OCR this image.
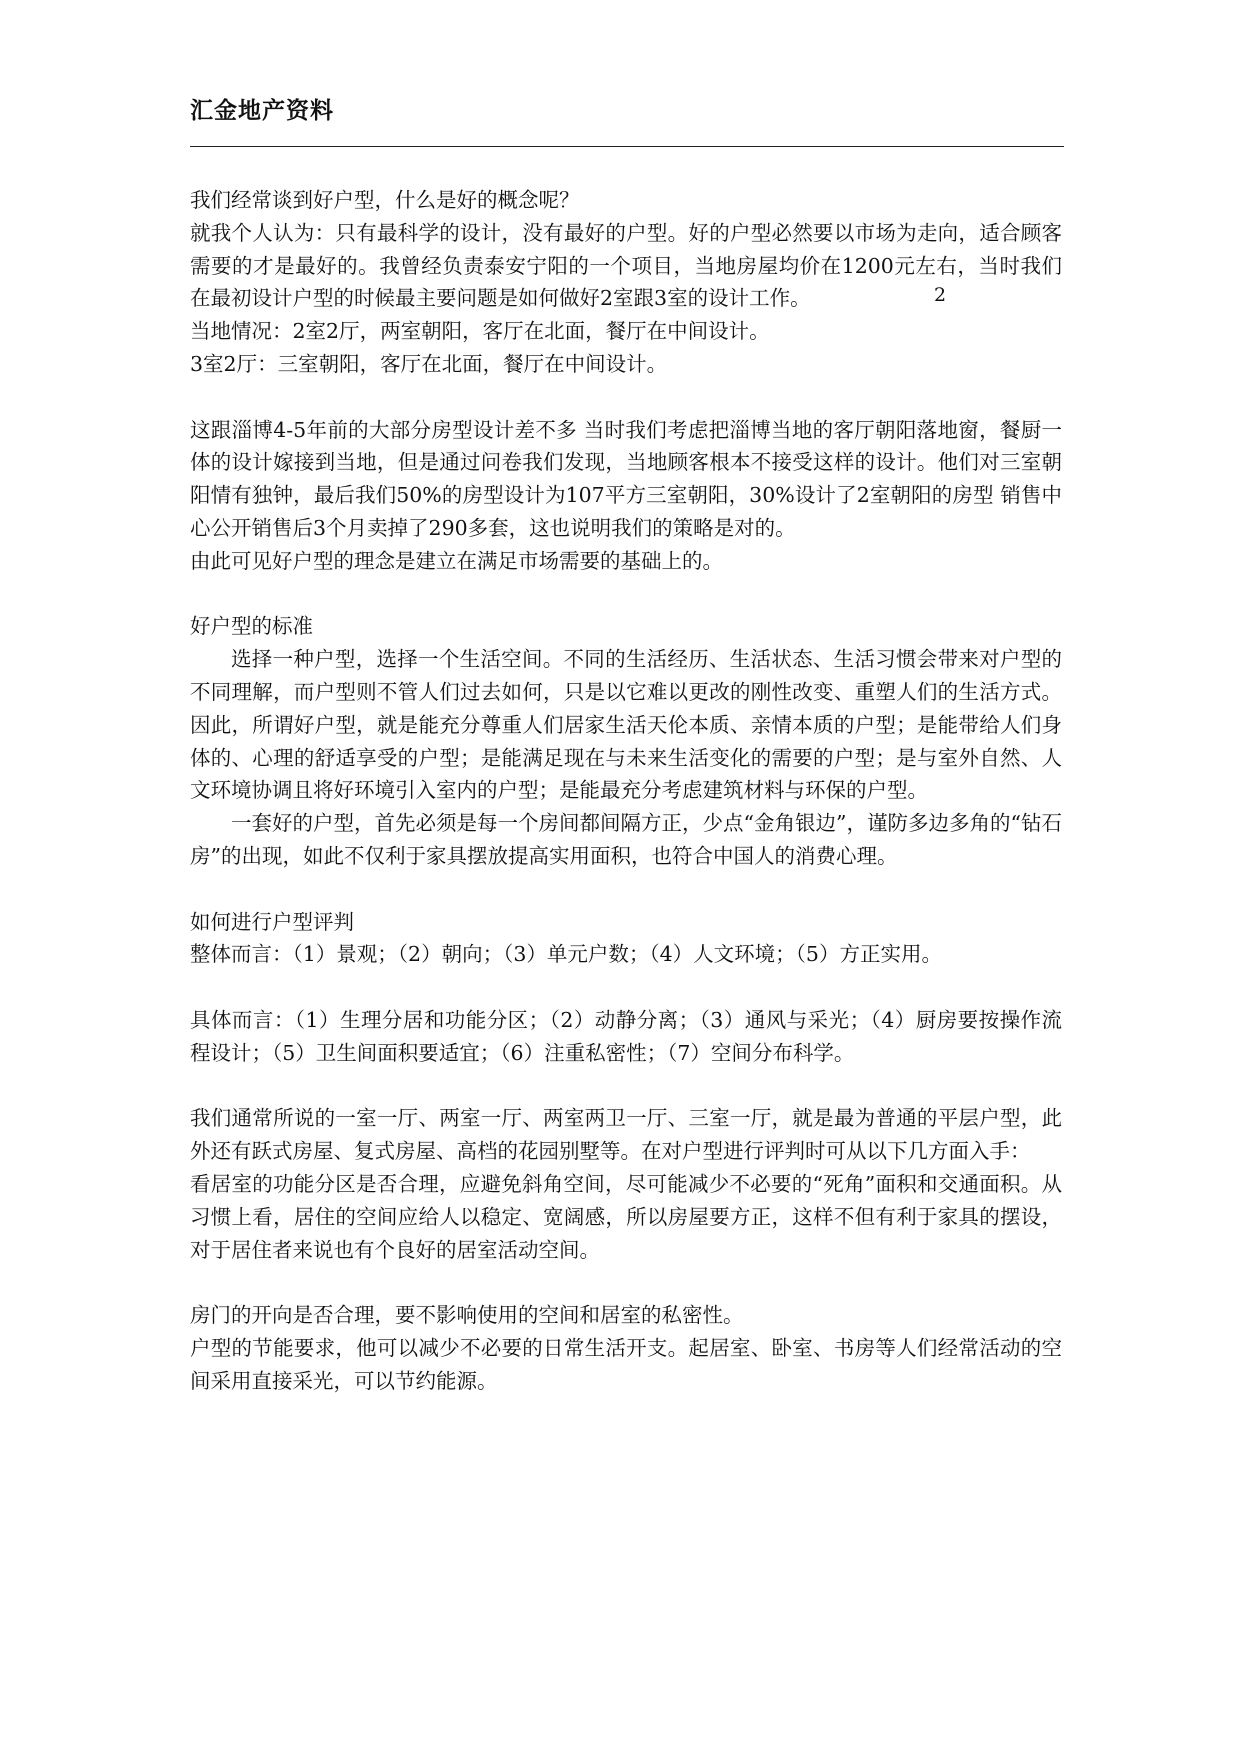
汇金地产资料
2

我们经常谈到好户型，什么是好的概念呢？

就我个人认为：只有最科学的设计，没有最好的户型。好的户型必然要以市场为走向，适合顾客需要的才是最好的。我曾经负责泰安宁阳的一个项目，当地房屋均价在1200元左右，当时我们在最初设计户型的时候最主要问题是如何做好2室跟3室的设计工作。

当地情况：2室2厅，两室朝阳，客厅在北面，餐厅在中间设计。

3室2厅：三室朝阳，客厅在北面，餐厅在中间设计。

这跟淄博4-5年前的大部分房型设计差不多 当时我们考虑把淄博当地的客厅朝阳落地窗，餐厨一体的设计嫁接到当地，但是通过问卷我们发现，当地顾客根本不接受这样的设计。他们对三室朝阳情有独钟，最后我们50%的房型设计为107平方三室朝阳，30%设计了2室朝阳的房型 销售中心公开销售后3个月卖掉了290多套，这也说明我们的策略是对的。

由此可见好户型的理念是建立在满足市场需要的基础上的。

好户型的标准

选择一种户型，选择一个生活空间。不同的生活经历、生活状态、生活习惯会带来对户型的不同理解，而户型则不管人们过去如何，只是以它难以更改的刚性改变、重塑人们的生活方式。因此，所谓好户型，就是能充分尊重人们居家生活天伦本质、亲情本质的户型；是能带给人们身体的、心理的舒适享受的户型；是能满足现在与未来生活变化的需要的户型；是与室外自然、人文环境协调且将好环境引入室内的户型；是能最充分考虑建筑材料与环保的户型。

一套好的户型，首先必须是每一个房间都间隔方正，少点“金角银边”，谨防多边多角的“钻石房”的出现，如此不仅利于家具摆放提高实用面积，也符合中国人的消费心理。

如何进行户型评判

整体而言：（1）景观；（2）朝向；（3）单元户数；（4）人文环境；（5）方正实用。

具体而言：（1）生理分居和功能分区；（2）动静分离；（3）通风与采光；（4）厨房要按操作流程设计；（5）卫生间面积要适宜；（6）注重私密性；（7）空间分布科学。

我们通常所说的一室一厅、两室一厅、两室两卫一厅、三室一厅，就是最为普通的平层户型，此外还有跃式房屋、复式房屋、高档的花园别墅等。在对户型进行评判时可从以下几方面入手：

看居室的功能分区是否合理，应避免斜角空间，尽可能减少不必要的“死角”面积和交通面积。从习惯上看，居住的空间应给人以稳定、宽阔感，所以房屋要方正，这样不但有利于家具的摆设，对于居住者来说也有个良好的居室活动空间。

房门的开向是否合理，要不影响使用的空间和居室的私密性。

户型的节能要求，他可以减少不必要的日常生活开支。起居室、卧室、书房等人们经常活动的空间采用直接采光，可以节约能源。
